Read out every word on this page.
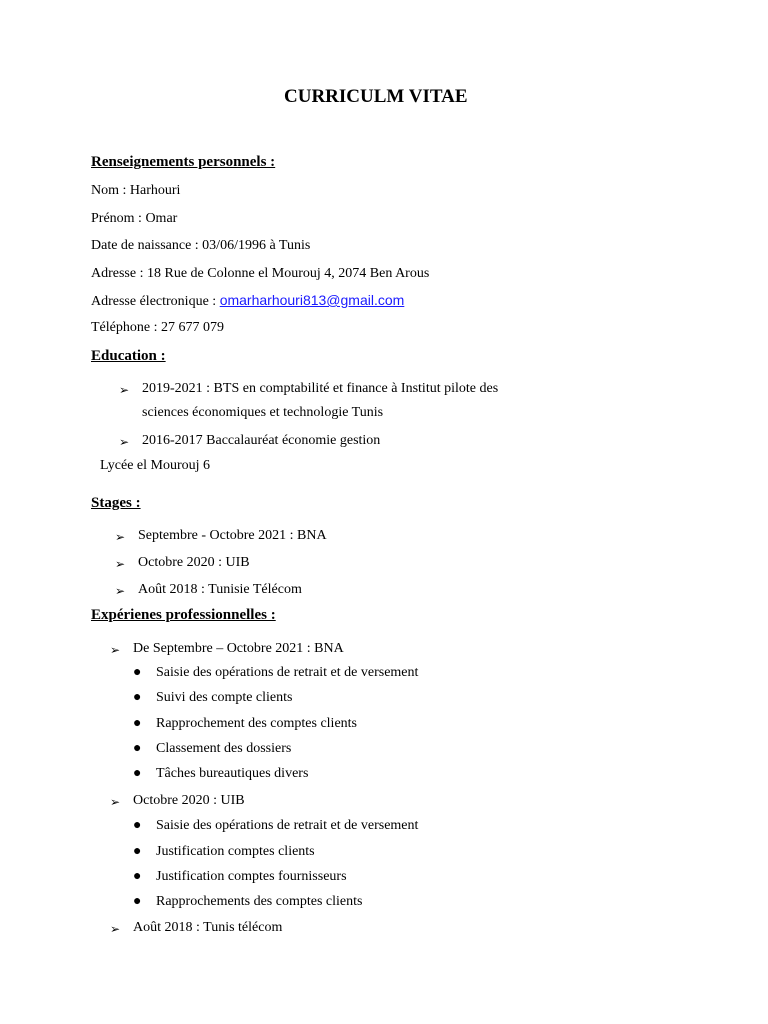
CURRICULM VITAE
Renseignements personnels :
Nom : Harhouri
Prénom : Omar
Date de naissance : 03/06/1996 à Tunis
Adresse : 18 Rue de Colonne el Mourouj 4, 2074 Ben Arous
Adresse électronique : omarharhouri813@gmail.com
Téléphone : 27 677 079
Education :
➢ 2019-2021 : BTS en comptabilité et finance à Institut pilote des
sciences économiques et technologie Tunis
➢ 2016-2017 Baccalauréat économie gestion
Lycée el Mourouj 6
Stages :
➢ Septembre - Octobre 2021 : BNA
➢ Octobre 2020 : UIB
➢ Août 2018 : Tunisie Télécom
Expérienes professionnelles :
➢ De Septembre – Octobre 2021 : BNA
● Saisie des opérations de retrait et de versement
● Suivi des compte clients
● Rapprochement des comptes clients
● Classement des dossiers
● Tâches bureautiques divers
➢ Octobre 2020 : UIB
● Saisie des opérations de retrait et de versement
● Justification comptes clients
● Justification comptes fournisseurs
● Rapprochements des comptes clients
➢ Août 2018 : Tunis télécom
